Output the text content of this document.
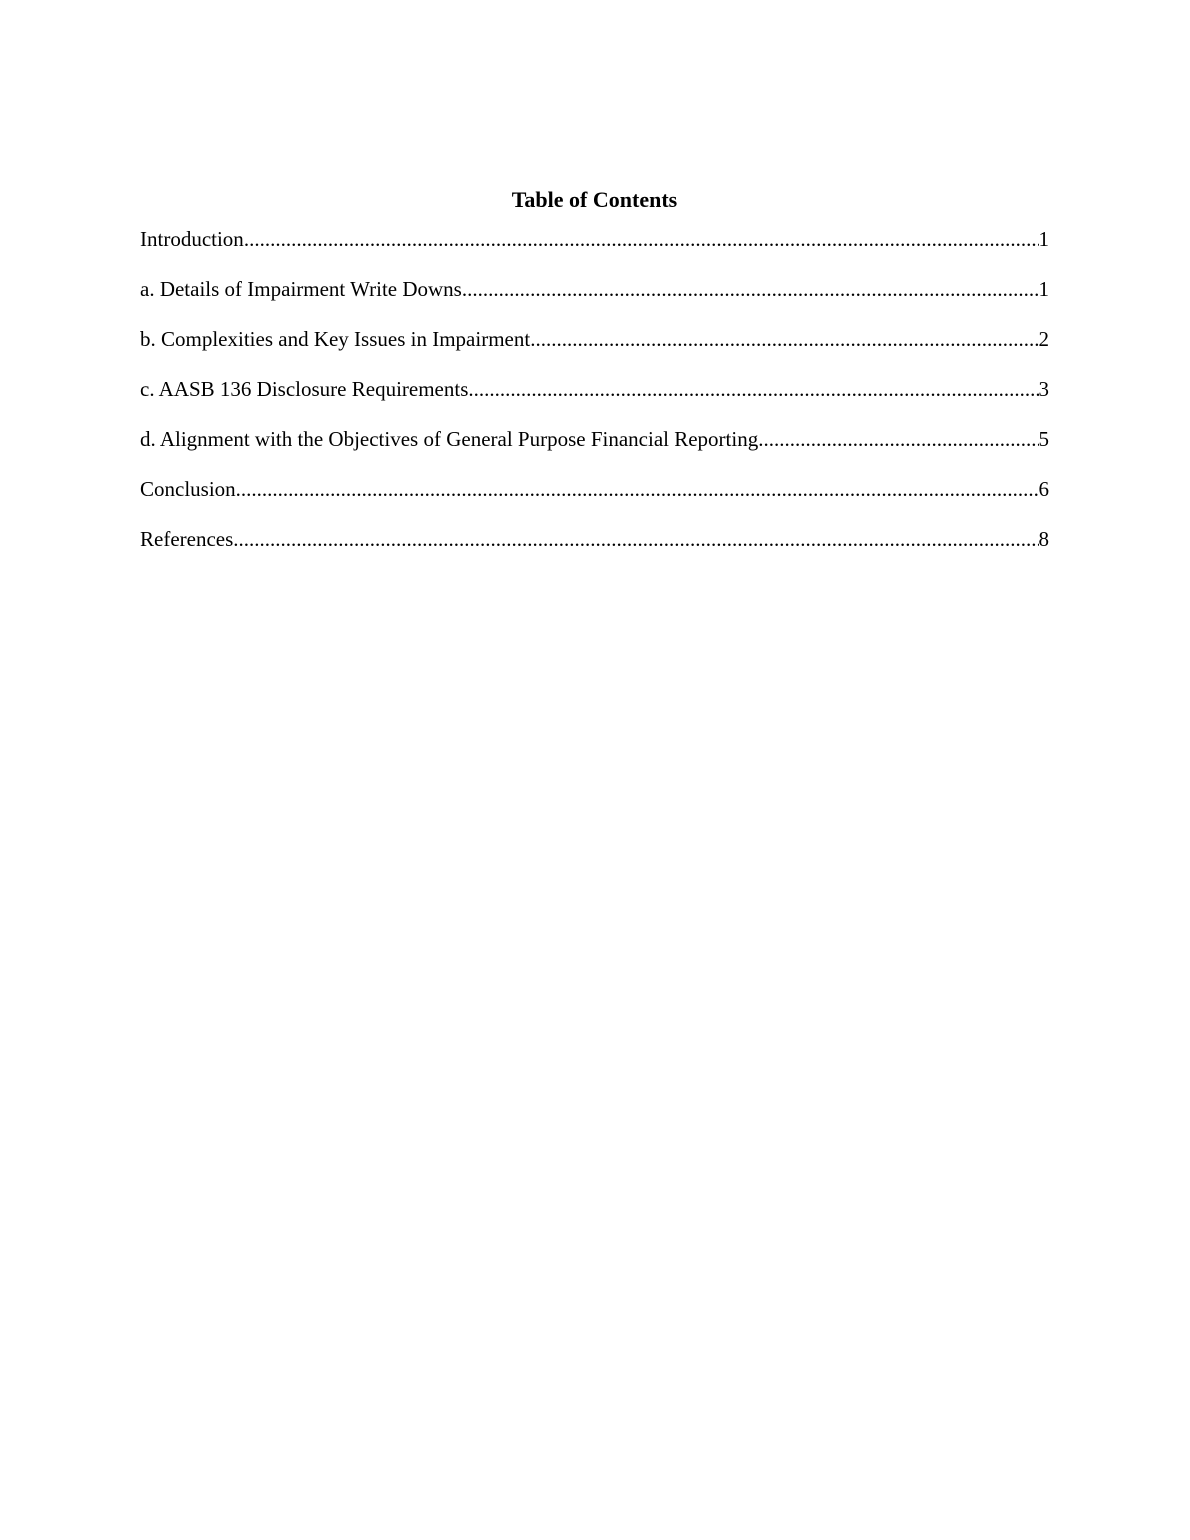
Table of Contents
Introduction .....	1
a. Details of Impairment Write Downs .....	1
b. Complexities and Key Issues in Impairment .....	2
c. AASB 136 Disclosure Requirements .....	3
d. Alignment with the Objectives of General Purpose Financial Reporting .....	5
Conclusion .....	6
References .....	8
